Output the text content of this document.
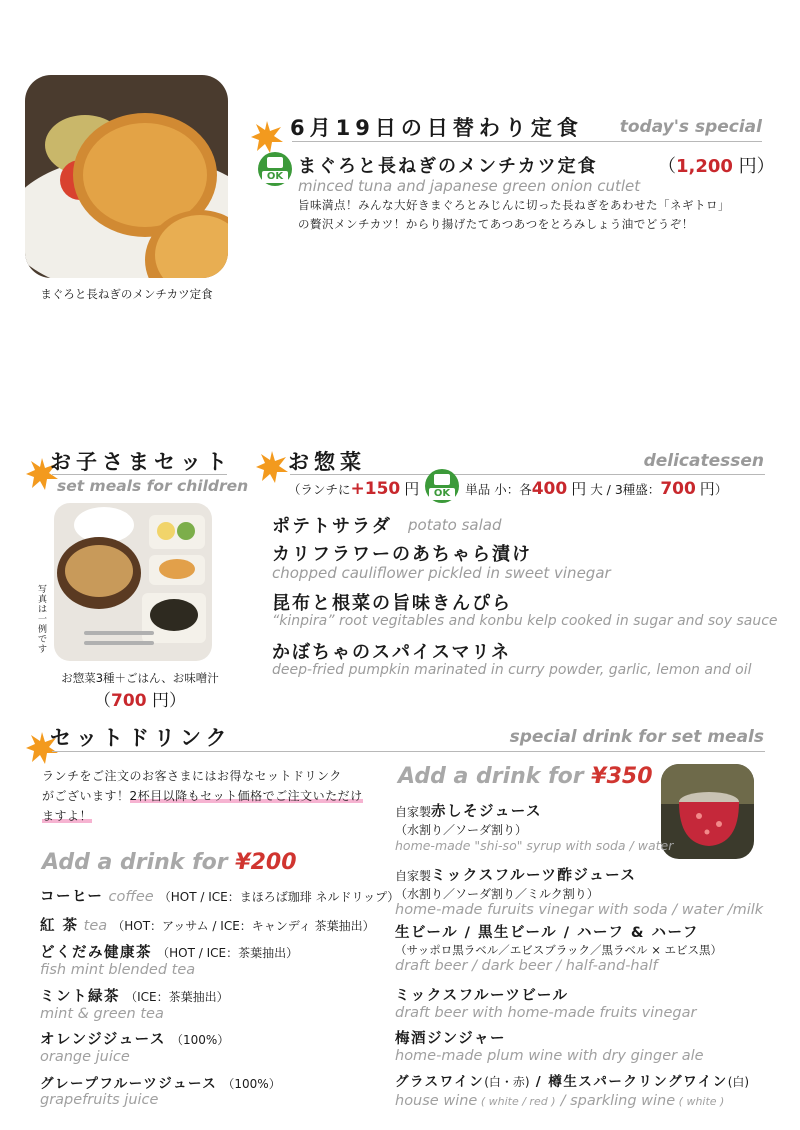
まぐろと長ねぎのメンチカツ定食
6月19日の日替わり定食 today's special
OK まぐろと長ねぎのメンチカツ定食	（1,200 円）
minced tuna and japanese green onion cutlet
旨味満点！みんな大好きまぐろとみじんに切った長ねぎをあわせた「ネギトロ」
の贅沢メンチカツ！からり揚げたてあつあつをとろみしょう油でどうぞ！
お子さまセット
set meals for children
写真は一例です
お惣菜3種＋ごはん、お味噌汁
（700 円）
お惣菜	delicatessen
（ランチに+150 円	単品 小：各400 円 大 / 3種盛：700 円）
OK
ポテトサラダ potato salad
カリフラワーのあちゃら漬け
chopped cauliflower pickled in sweet vinegar
昆布と根菜の旨味きんぴら
“kinpira” root vegitables and konbu kelp cooked in sugar and soy sauce
かぼちゃのスパイスマリネ
deep-fried pumpkin marinated in curry powder, garlic, lemon and oil
セットドリンク	special drink for set meals
ランチをご注文のお客さまにはお得なセットドリンク
がございます！2杯目以降もセット価格でご注文いただけ
ますよ！
Add a drink for ¥200
コーヒー coffee （HOT / ICE：まほろば珈琲 ネルドリップ）
紅 茶 tea （HOT：アッサム / ICE：キャンディ 茶葉抽出）
どくだみ健康茶 （HOT / ICE：茶葉抽出）
fish mint blended tea
ミント緑茶 （ICE：茶葉抽出）
mint & green tea
オレンジジュース （100%）
orange juice
グレープフルーツジュース （100%）
grapefruits juice
Add a drink for ¥350
自家製赤しそジュース
（水割り／ソーダ割り）
home-made "shi-so" syrup with soda / water
自家製ミックスフルーツ酢ジュース
（水割り／ソーダ割り／ミルク割り）
home-made furuits vinegar with soda / water /milk
生ビール / 黒生ビール / ハーフ & ハーフ
（サッポロ黒ラベル／エビスブラック／黒ラベル × エビス黒）
draft beer / dark beer / half-and-half
ミックスフルーツビール
draft beer with home-made fruits vinegar
梅酒ジンジャー
home-made plum wine with dry ginger ale
グラスワイン(白・赤) / 樽生スパークリングワイン(白)
house wine ( white / red ) / sparkling wine ( white )
